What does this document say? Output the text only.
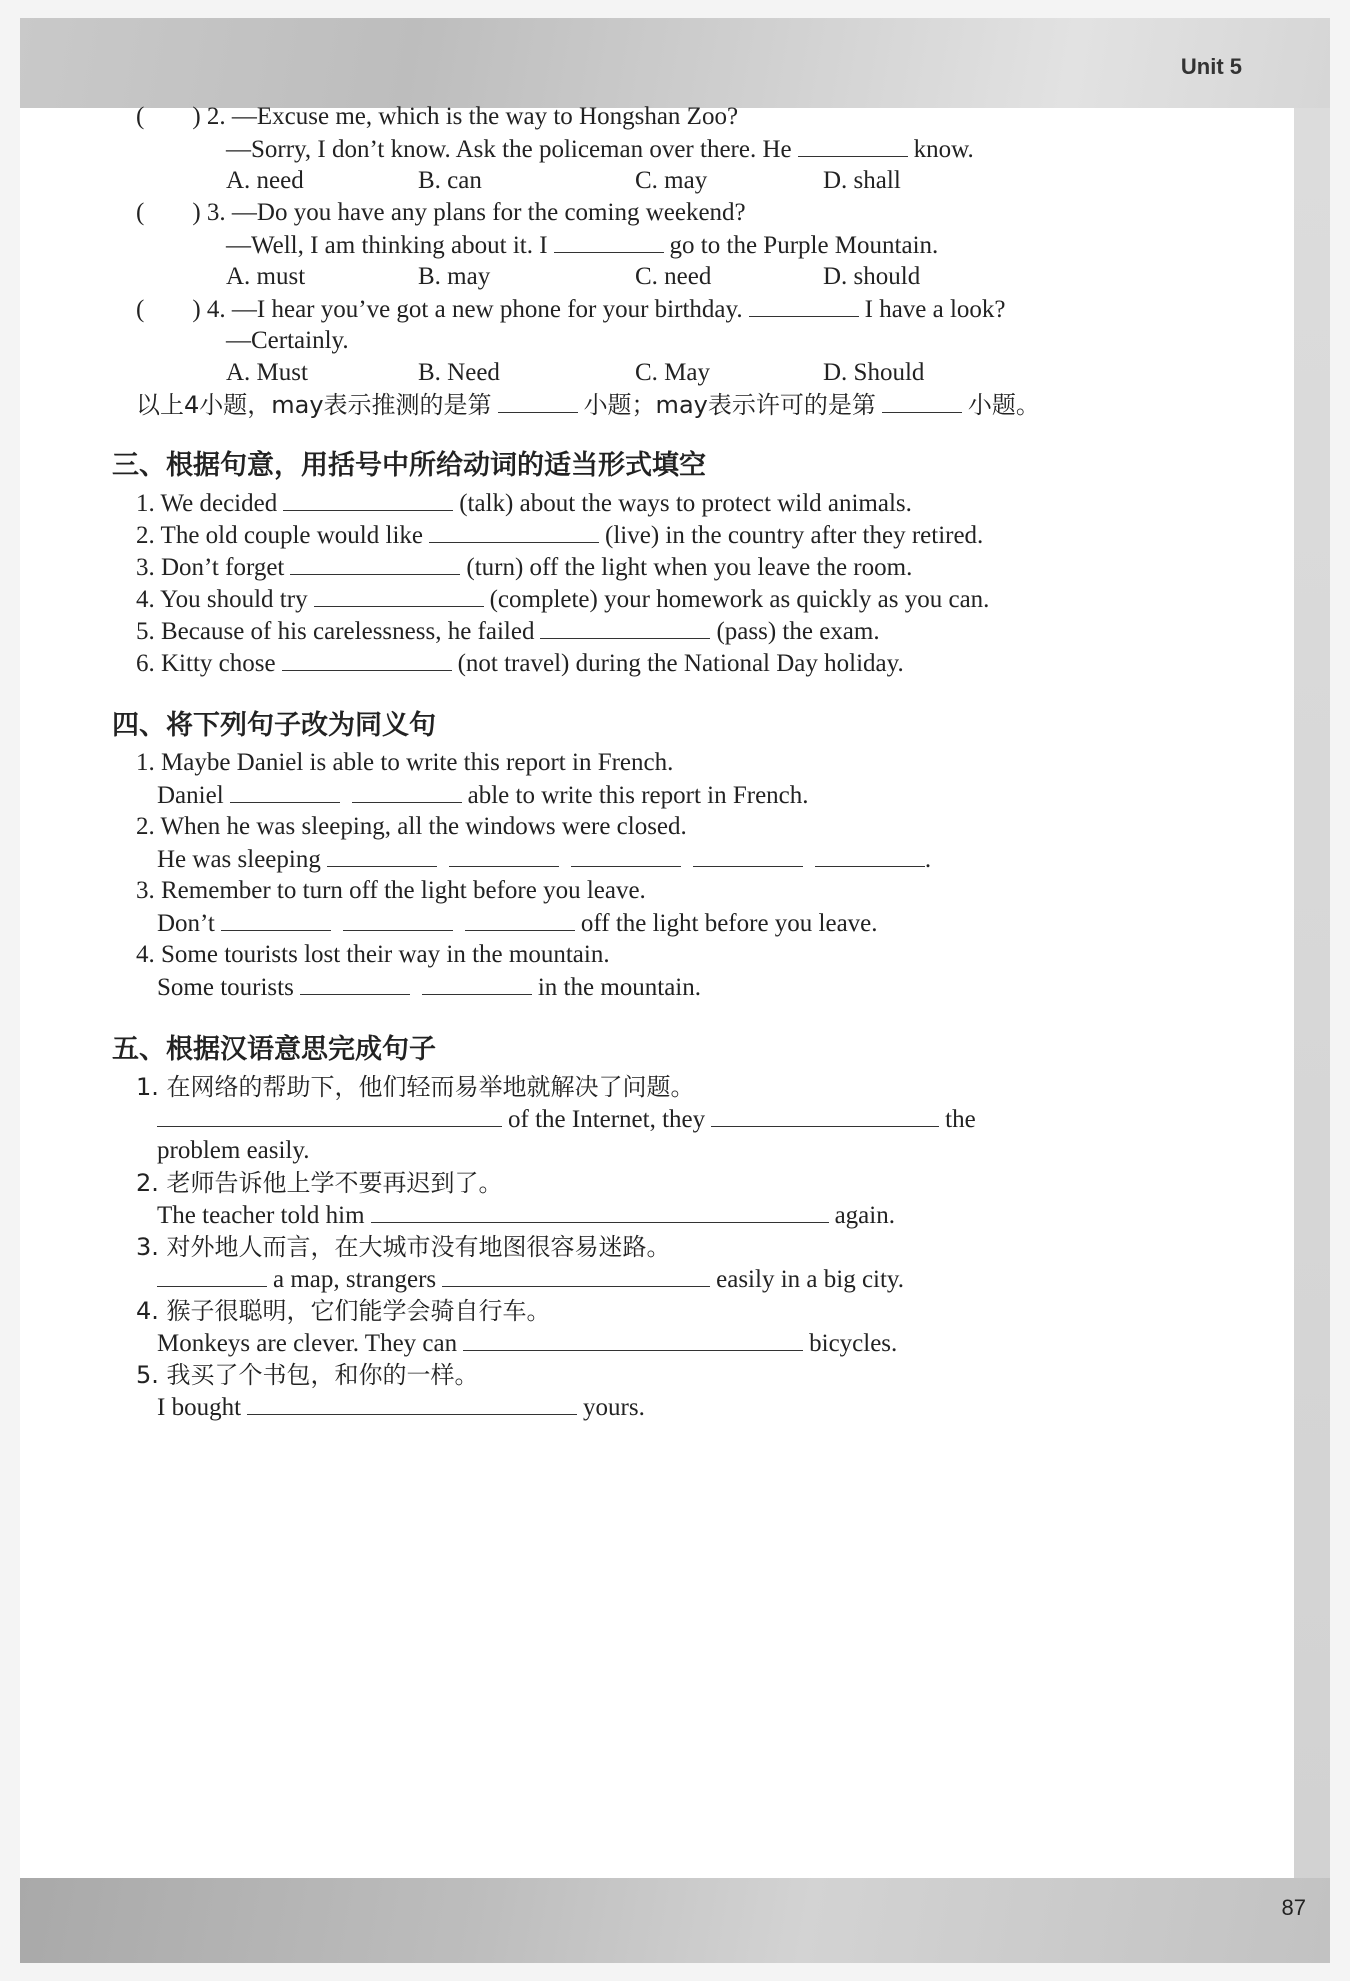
Unit 5
87
( ) 2. —Excuse me, which is the way to Hongshan Zoo?
—Sorry, I don’t know. Ask the policeman over there. He	know.
A. need	B. can	C. may	D. shall
( ) 3. —Do you have any plans for the coming weekend?
—Well, I am thinking about it. I	go to the Purple Mountain.
A. must	B. may	C. need	D. should
( ) 4. —I hear you’ve got a new phone for your birthday.	I have a look?
—Certainly.
A. Must	B. Need	C. May	D. Should
以上4小题，may表示推测的是第	小题；may表示许可的是第	小题。
三、根据句意，用括号中所给动词的适当形式填空
1. We decided	(talk) about the ways to protect wild animals.
2. The old couple would like	(live) in the country after they retired.
3. Don’t forget	(turn) off the light when you leave the room.
4. You should try	(complete) your homework as quickly as you can.
5. Because of his carelessness, he failed	(pass) the exam.
6. Kitty chose	(not travel) during the National Day holiday.
四、将下列句子改为同义句
1. Maybe Daniel is able to write this report in French.
Daniel	able to write this report in French.
2. When he was sleeping, all the windows were closed.
He was sleeping	.
3. Remember to turn off the light before you leave.
Don’t	off the light before you leave.
4. Some tourists lost their way in the mountain.
Some tourists	in the mountain.
五、根据汉语意思完成句子
1. 在网络的帮助下，他们轻而易举地就解决了问题。
of the Internet, they	the
problem easily.
2. 老师告诉他上学不要再迟到了。
The teacher told him	again.
3. 对外地人而言，在大城市没有地图很容易迷路。
a map, strangers	easily in a big city.
4. 猴子很聪明，它们能学会骑自行车。
Monkeys are clever. They can	bicycles.
5. 我买了个书包，和你的一样。
I bought	yours.
